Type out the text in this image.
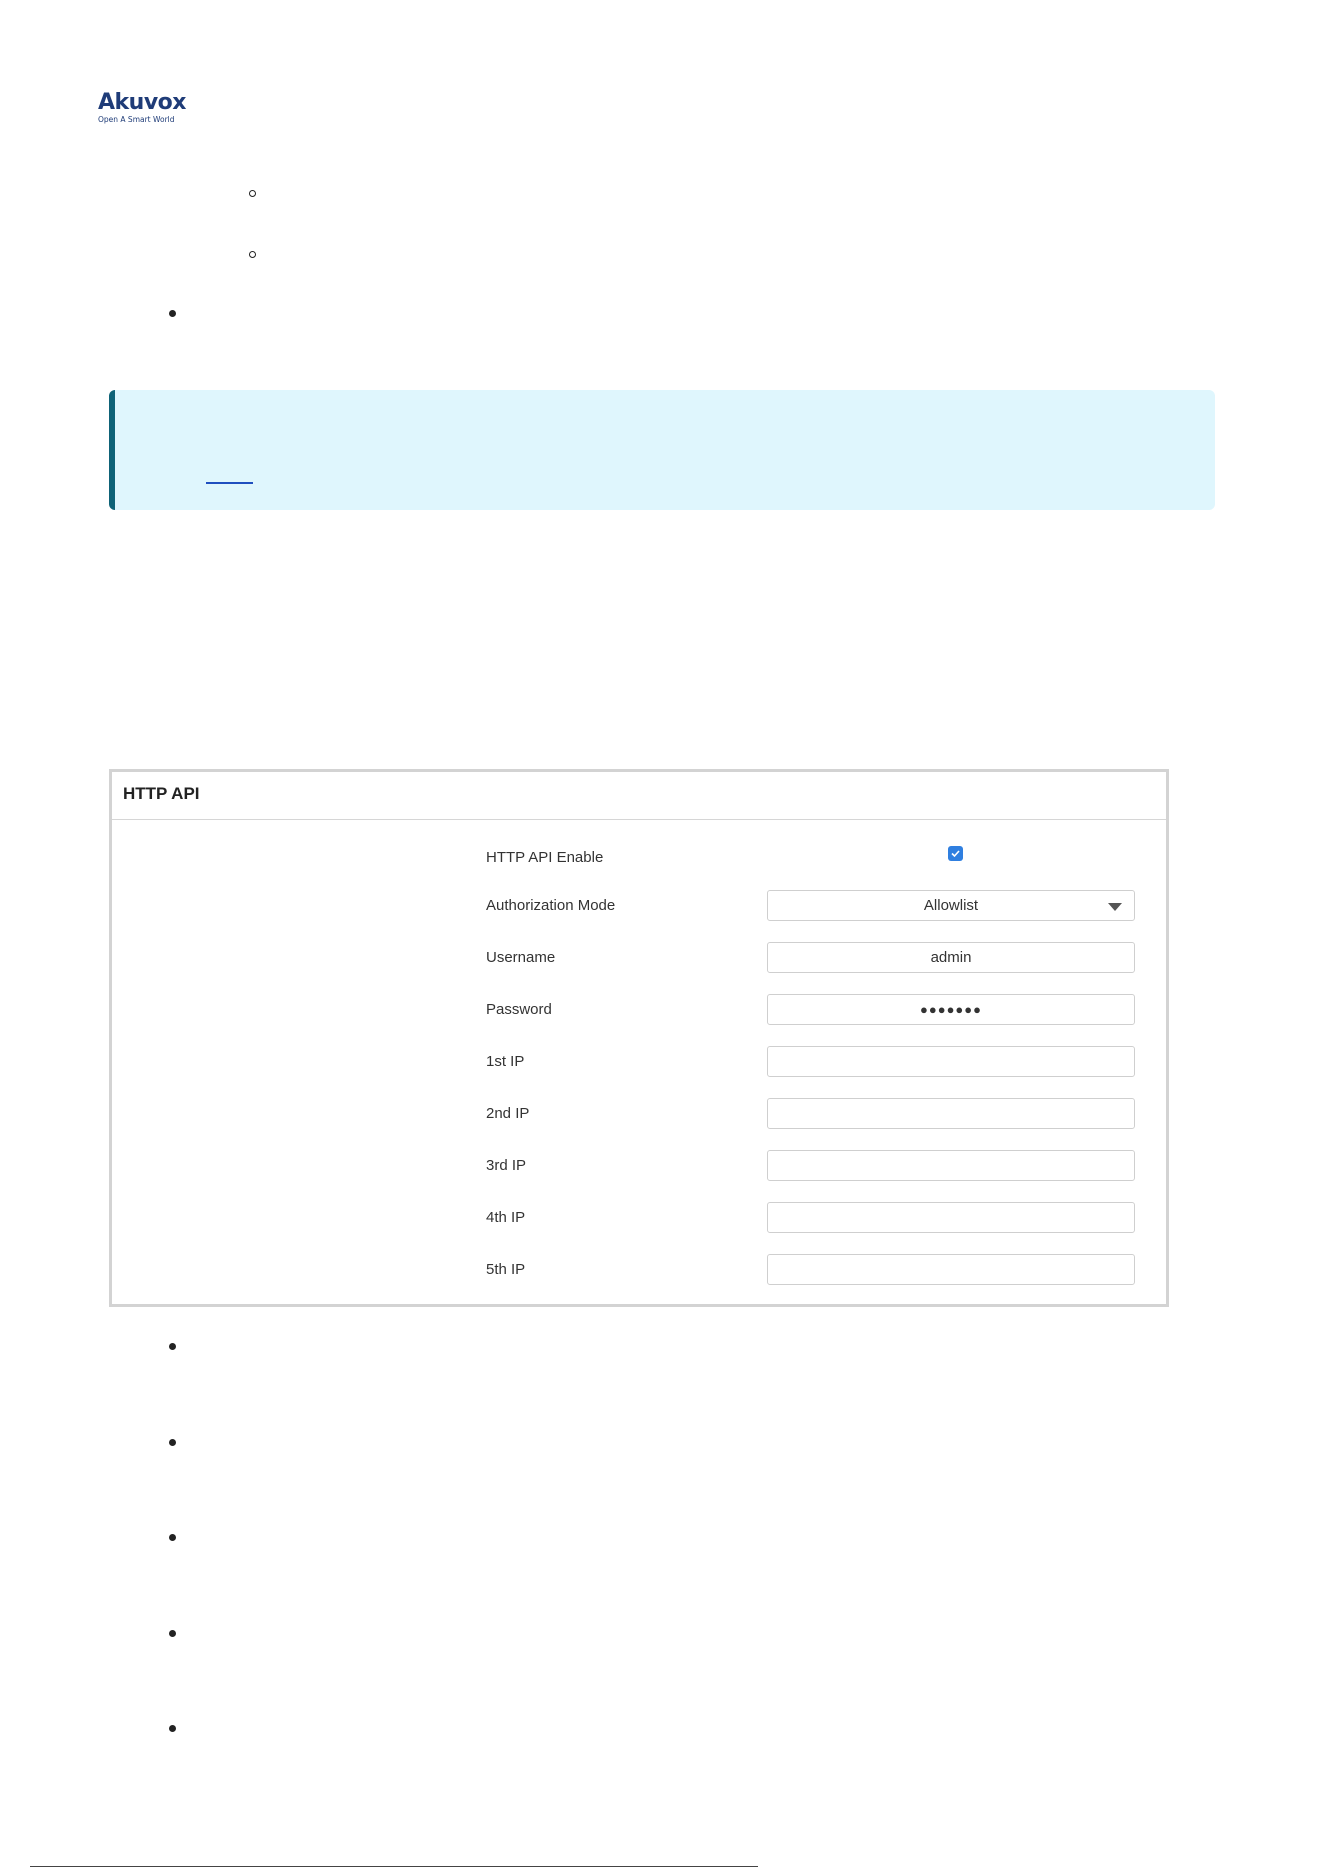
Akuvox
Open A Smart World
HTTP API
HTTP API Enable
Authorization Mode	Allowlist
Username	admin
Password	●●●●●●●
1st IP
2nd IP
3rd IP
4th IP
5th IP
